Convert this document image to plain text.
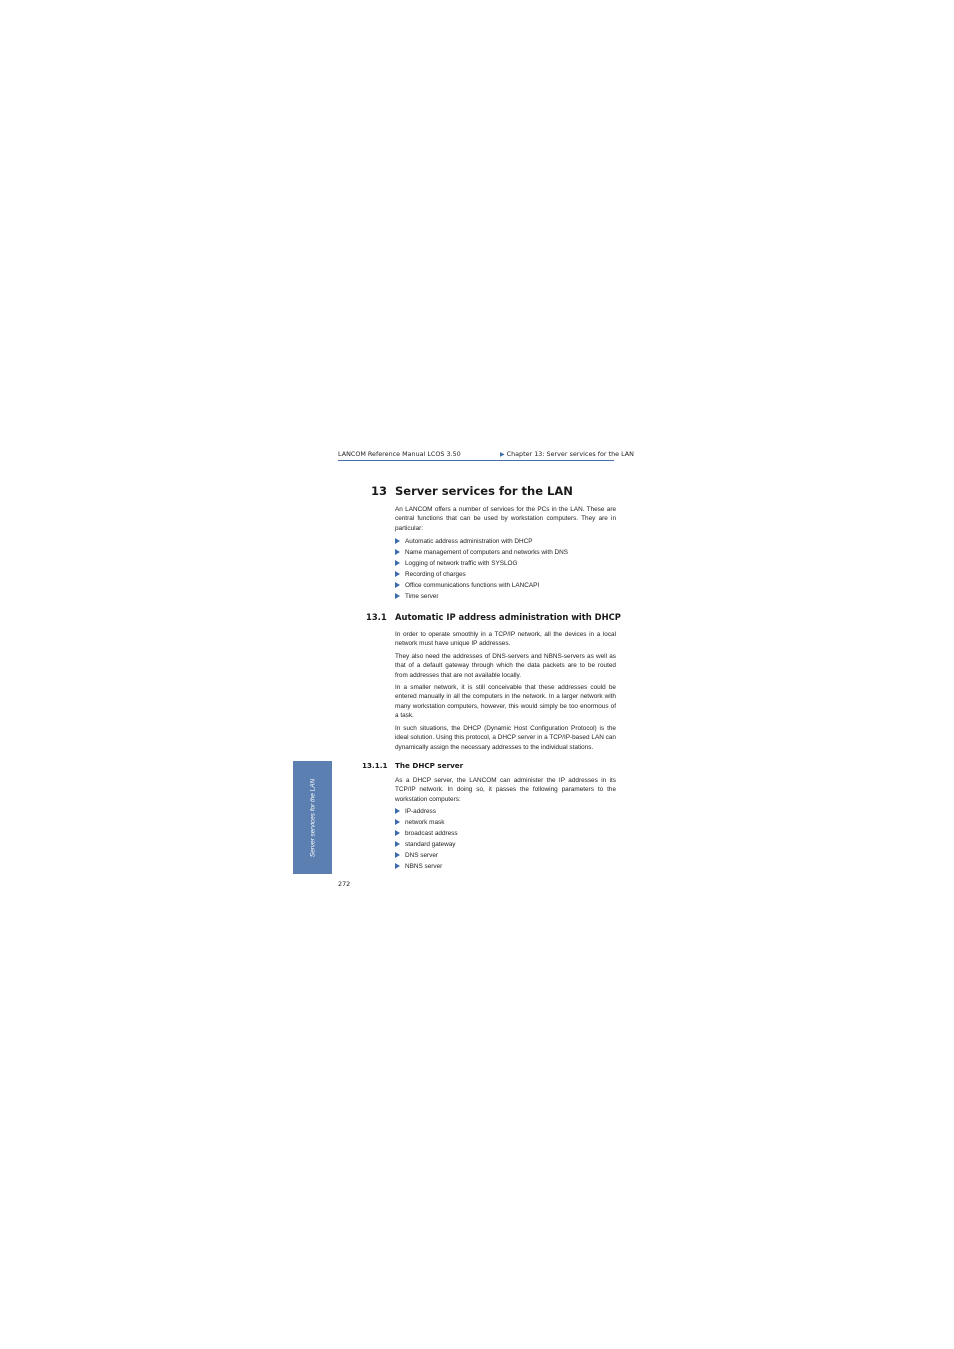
LANCOM Reference Manual LCOS 3.50	▶ Chapter 13: Server services for the LAN
13 Server services for the LAN

An LANCOM offers a number of services for the PCs in the LAN. These are central functions that can be used by workstation computers. They are in particular:

Automatic address administration with DHCP
Name management of computers and networks with DNS
Logging of network traffic with SYSLOG
Recording of charges
Office communications functions with LANCAPI
Time server
13.1 Automatic IP address administration with DHCP

In order to operate smoothly in a TCP/IP network, all the devices in a local network must have unique IP addresses.

They also need the addresses of DNS-servers and NBNS-servers as well as that of a default gateway through which the data packets are to be routed from addresses that are not available locally.

In a smaller network, it is still conceivable that these addresses could be entered manually in all the computers in the network. In a larger network with many workstation computers, however, this would simply be too enormous of a task.

In such situations, the DHCP (Dynamic Host Configuration Protocol) is the ideal solution. Using this protocol, a DHCP server in a TCP/IP-based LAN can dynamically assign the necessary addresses to the individual stations.

13.1.1 The DHCP server

As a DHCP server, the LANCOM can administer the IP addresses in its TCP/IP network. In doing so, it passes the following parameters to the workstation computers:

IP-address
network mask
broadcast address
standard gateway
DNS server
NBNS server
Server services for the LAN
272
